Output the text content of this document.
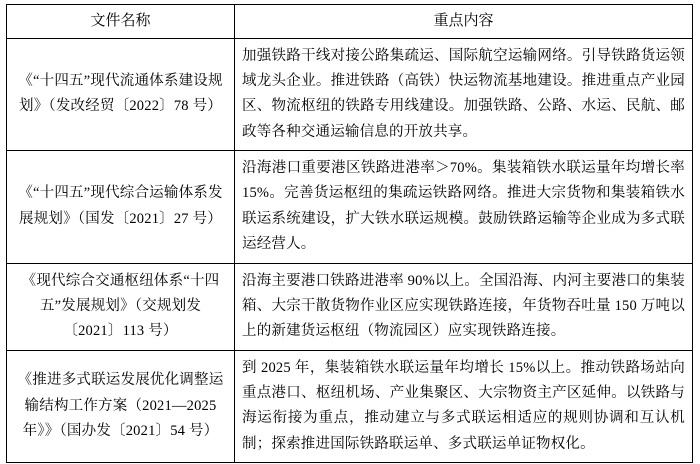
文件名称	重点内容
《“十四五”现代流通体系建设规划》（发改经贸〔2022〕78 号）	加强铁路干线对接公路集疏运、国际航空运输网络。引导铁路货运领域龙头企业。推进铁路（高铁）快运物流基地建设。推进重点产业园区、物流枢纽的铁路专用线建设。加强铁路、公路、水运、民航、邮政等各种交通运输信息的开放共享。
《“十四五”现代综合运输体系发展规划》（国发〔2021〕27 号）	沿海港口重要港区铁路进港率＞70%。集装箱铁水联运量年均增长率 15%。完善货运枢纽的集疏运铁路网络。推进大宗货物和集装箱铁水联运系统建设，扩大铁水联运规模。鼓励铁路运输等企业成为多式联运经营人。
《现代综合交通枢纽体系“十四五”发展规划》（交规划发〔2021〕113 号）	沿海主要港口铁路进港率 90%以上。全国沿海、内河主要港口的集装箱、大宗干散货物作业区应实现铁路连接，年货物吞吐量 150 万吨以上的新建货运枢纽（物流园区）应实现铁路连接。
《推进多式联运发展优化调整运输结构工作方案（2021—2025 年》》（国办发〔2021〕54 号）	到 2025 年，集装箱铁水联运量年均增长 15%以上。推动铁路场站向重点港口、枢纽机场、产业集聚区、大宗物资主产区延伸。以铁路与海运衔接为重点，推动建立与多式联运相适应的规则协调和互认机制；探索推进国际铁路联运单、多式联运单证物权化。
